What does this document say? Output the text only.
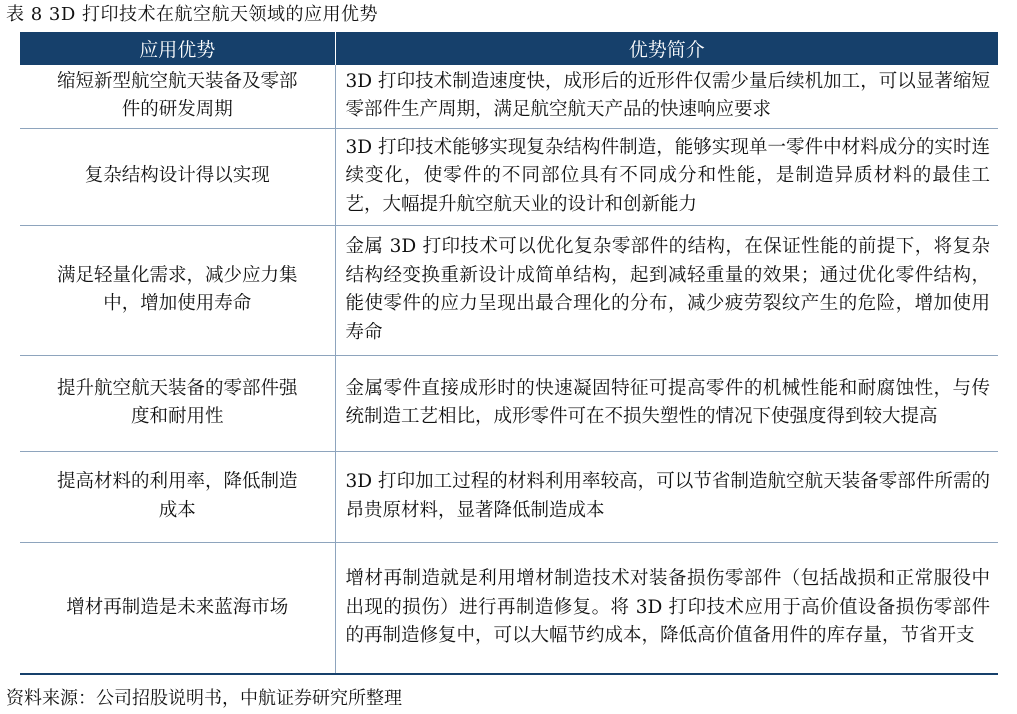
表 8 3D 打印技术在航空航天领域的应用优势
应用优势	优势简介
缩短新型航空航天装备及零部件的研发周期	3D 打印技术制造速度快，成形后的近形件仅需少量后续机加工，可以显著缩短零部件生产周期，满足航空航天产品的快速响应要求
复杂结构设计得以实现	3D 打印技术能够实现复杂结构件制造，能够实现单一零件中材料成分的实时连续变化，使零件的不同部位具有不同成分和性能，是制造异质材料的最佳工艺，大幅提升航空航天业的设计和创新能力
满足轻量化需求，减少应力集中，增加使用寿命	金属 3D 打印技术可以优化复杂零部件的结构，在保证性能的前提下，将复杂结构经变换重新设计成简单结构，起到减轻重量的效果；通过优化零件结构，能使零件的应力呈现出最合理化的分布，减少疲劳裂纹产生的危险，增加使用寿命
提升航空航天装备的零部件强度和耐用性	金属零件直接成形时的快速凝固特征可提高零件的机械性能和耐腐蚀性，与传统制造工艺相比，成形零件可在不损失塑性的情况下使强度得到较大提高
提高材料的利用率，降低制造成本	3D 打印加工过程的材料利用率较高，可以节省制造航空航天装备零部件所需的昂贵原材料，显著降低制造成本
增材再制造是未来蓝海市场	增材再制造就是利用增材制造技术对装备损伤零部件（包括战损和正常服役中出现的损伤）进行再制造修复。将 3D 打印技术应用于高价值设备损伤零部件的再制造修复中，可以大幅节约成本，降低高价值备用件的库存量，节省开支
资料来源：公司招股说明书，中航证券研究所整理
